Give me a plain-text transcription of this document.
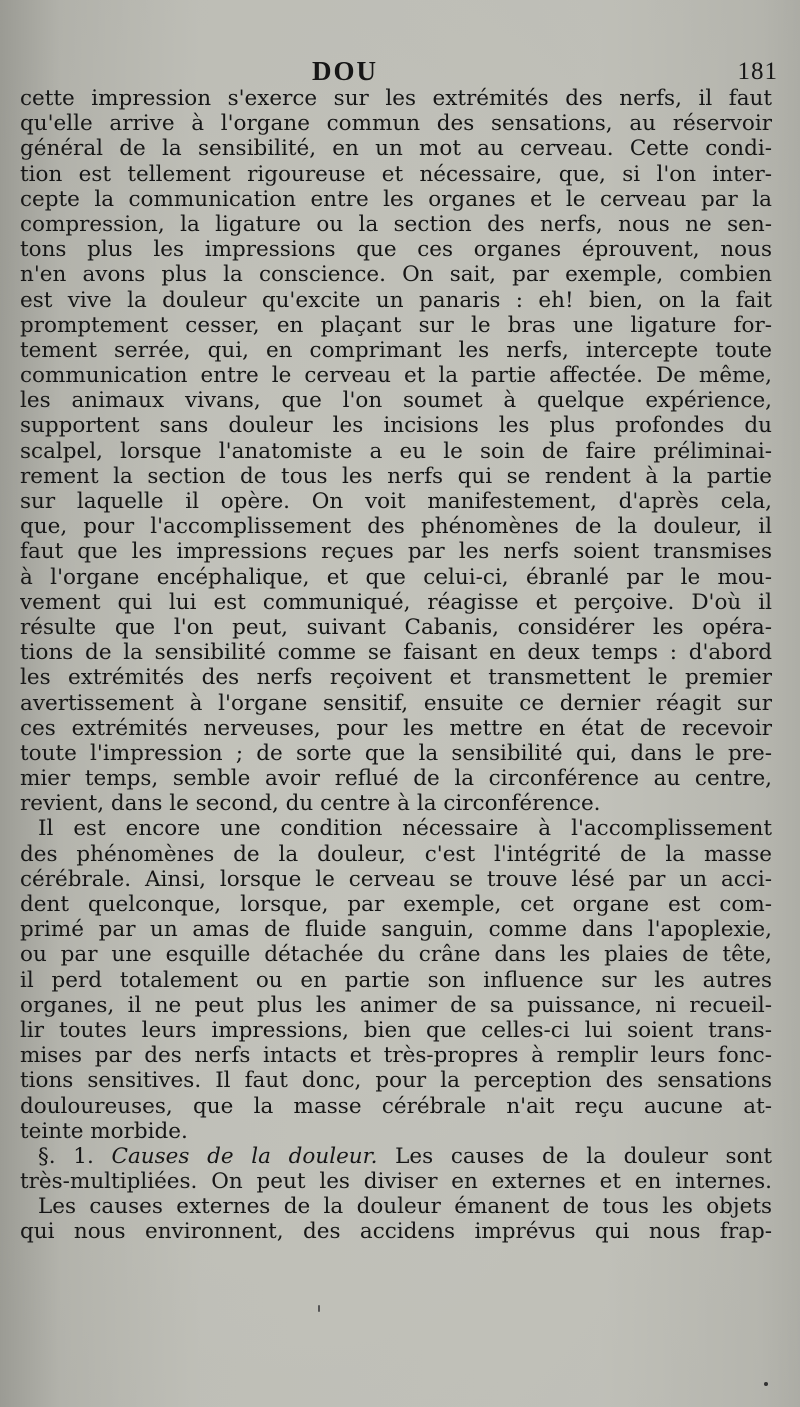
DOU	181
cette impression s'exerce sur les extrémités des nerfs, il faut
qu'elle arrive à l'organe commun des sensations, au réservoir
général de la sensibilité, en un mot au cerveau. Cette condi-
tion est tellement rigoureuse et nécessaire, que, si l'on inter-
cepte la communication entre les organes et le cerveau par la
compression, la ligature ou la section des nerfs, nous ne sen-
tons plus les impressions que ces organes éprouvent, nous
n'en avons plus la conscience. On sait, par exemple, combien
est vive la douleur qu'excite un panaris : eh! bien, on la fait
promptement cesser, en plaçant sur le bras une ligature for-
tement serrée, qui, en comprimant les nerfs, intercepte toute
communication entre le cerveau et la partie affectée. De même,
les animaux vivans, que l'on soumet à quelque expérience,
supportent sans douleur les incisions les plus profondes du
scalpel, lorsque l'anatomiste a eu le soin de faire préliminai-
rement la section de tous les nerfs qui se rendent à la partie
sur laquelle il opère. On voit manifestement, d'après cela,
que, pour l'accomplissement des phénomènes de la douleur, il
faut que les impressions reçues par les nerfs soient transmises
à l'organe encéphalique, et que celui-ci, ébranlé par le mou-
vement qui lui est communiqué, réagisse et perçoive. D'où il
résulte que l'on peut, suivant Cabanis, considérer les opéra-
tions de la sensibilité comme se faisant en deux temps : d'abord
les extrémités des nerfs reçoivent et transmettent le premier
avertissement à l'organe sensitif, ensuite ce dernier réagit sur
ces extrémités nerveuses, pour les mettre en état de recevoir
toute l'impression ; de sorte que la sensibilité qui, dans le pre-
mier temps, semble avoir reflué de la circonférence au centre,
revient, dans le second, du centre à la circonférence.
Il est encore une condition nécessaire à l'accomplissement
des phénomènes de la douleur, c'est l'intégrité de la masse
cérébrale. Ainsi, lorsque le cerveau se trouve lésé par un acci-
dent quelconque, lorsque, par exemple, cet organe est com-
primé par un amas de fluide sanguin, comme dans l'apoplexie,
ou par une esquille détachée du crâne dans les plaies de tête,
il perd totalement ou en partie son influence sur les autres
organes, il ne peut plus les animer de sa puissance, ni recueil-
lir toutes leurs impressions, bien que celles-ci lui soient trans-
mises par des nerfs intacts et très-propres à remplir leurs fonc-
tions sensitives. Il faut donc, pour la perception des sensations
douloureuses, que la masse cérébrale n'ait reçu aucune at-
teinte morbide.
§. 1. Causes de la douleur. Les causes de la douleur sont
très-multipliées. On peut les diviser en externes et en internes.
Les causes externes de la douleur émanent de tous les objets
qui nous environnent, des accidens imprévus qui nous frap-
